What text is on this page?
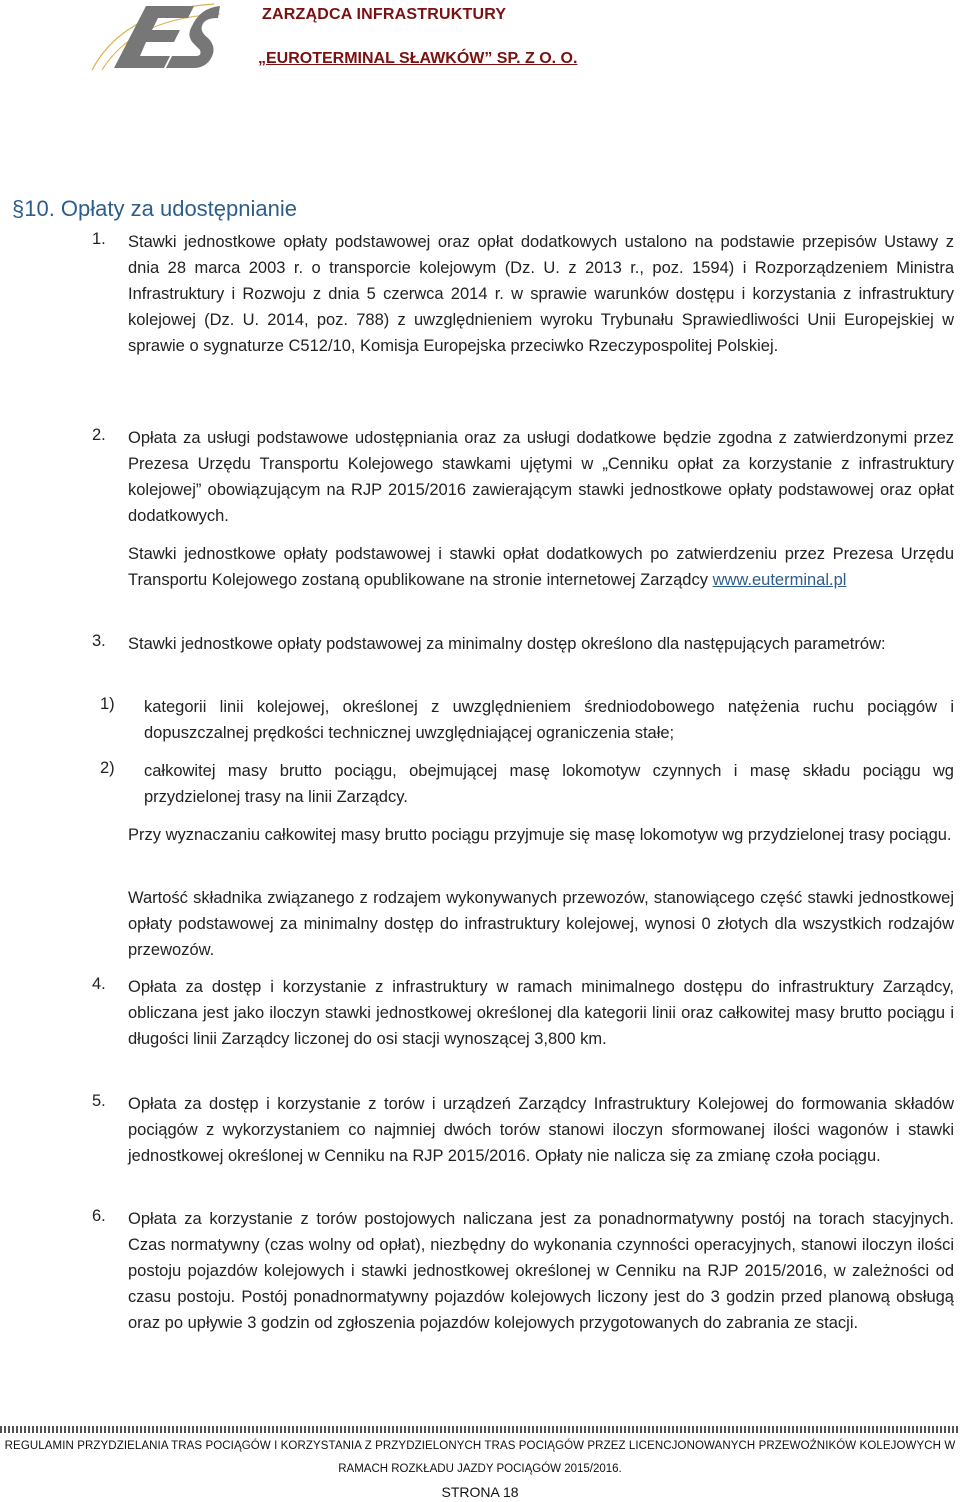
ZARZĄDCA INFRASTRUKTURY
„EUROTERMINAL SŁAWKÓW” SP. Z O. O.
§10. Opłaty za udostępnianie
1. Stawki jednostkowe opłaty podstawowej oraz opłat dodatkowych ustalono na podstawie przepisów Ustawy z dnia 28 marca 2003 r. o transporcie kolejowym (Dz. U. z 2013 r., poz. 1594) i Rozporządzeniem Ministra Infrastruktury i Rozwoju z dnia 5 czerwca 2014 r. w sprawie warunków dostępu i korzystania z infrastruktury kolejowej (Dz. U. 2014, poz. 788) z uwzględnieniem wyroku Trybunału Sprawiedliwości Unii Europejskiej w sprawie o sygnaturze C512/10, Komisja Europejska przeciwko Rzeczypospolitej Polskiej.
2. Opłata za usługi podstawowe udostępniania oraz za usługi dodatkowe będzie zgodna z zatwierdzonymi przez Prezesa Urzędu Transportu Kolejowego stawkami ujętymi w „Cenniku opłat za korzystanie z infrastruktury kolejowej” obowiązującym na RJP 2015/2016 zawierającym stawki jednostkowe opłaty podstawowej oraz opłat dodatkowych.
Stawki jednostkowe opłaty podstawowej i stawki opłat dodatkowych po zatwierdzeniu przez Prezesa Urzędu Transportu Kolejowego zostaną opublikowane na stronie internetowej Zarządcy www.euterminal.pl
3. Stawki jednostkowe opłaty podstawowej za minimalny dostęp określono dla następujących parametrów:
1) kategorii linii kolejowej, określonej z uwzględnieniem średniodobowego natężenia ruchu pociągów i dopuszczalnej prędkości technicznej uwzględniającej ograniczenia stałe;
2) całkowitej masy brutto pociągu, obejmującej masę lokomotyw czynnych i masę składu pociągu wg przydzielonej trasy na linii Zarządcy.
Przy wyznaczaniu całkowitej masy brutto pociągu przyjmuje się masę lokomotyw wg przydzielonej trasy pociągu.
Wartość składnika związanego z rodzajem wykonywanych przewozów, stanowiącego część stawki jednostkowej opłaty podstawowej za minimalny dostęp do infrastruktury kolejowej, wynosi 0 złotych dla wszystkich rodzajów przewozów.
4. Opłata za dostęp i korzystanie z infrastruktury w ramach minimalnego dostępu do infrastruktury Zarządcy, obliczana jest jako iloczyn stawki jednostkowej określonej dla kategorii linii oraz całkowitej masy brutto pociągu i długości linii Zarządcy liczonej do osi stacji wynoszącej 3,800 km.
5. Opłata za dostęp i korzystanie z torów i urządzeń Zarządcy Infrastruktury Kolejowej do formowania składów pociągów z wykorzystaniem co najmniej dwóch torów stanowi iloczyn sformowanej ilości wagonów i stawki jednostkowej określonej w Cenniku na RJP 2015/2016. Opłaty nie nalicza się za zmianę czoła pociągu.
6. Opłata za korzystanie z torów postojowych naliczana jest za ponadnormatywny postój na torach stacyjnych. Czas normatywny (czas wolny od opłat), niezbędny do wykonania czynności operacyjnych, stanowi iloczyn ilości postoju pojazdów kolejowych i stawki jednostkowej określonej w Cenniku na RJP 2015/2016, w zależności od czasu postoju. Postój ponadnormatywny pojazdów kolejowych liczony jest do 3 godzin przed planową obsługą oraz po upływie 3 godzin od zgłoszenia pojazdów kolejowych przygotowanych do zabrania ze stacji.
REGULAMIN PRZYDZIELANIA TRAS POCIĄGÓW I KORZYSTANIA Z PRZYDZIELONYCH TRAS POCIĄGÓW PRZEZ LICENCJONOWANYCH PRZEWOŹNIKÓW KOLEJOWYCH W
RAMACH ROZKŁADU JAZDY POCIĄGÓW 2015/2016.
STRONA 18
